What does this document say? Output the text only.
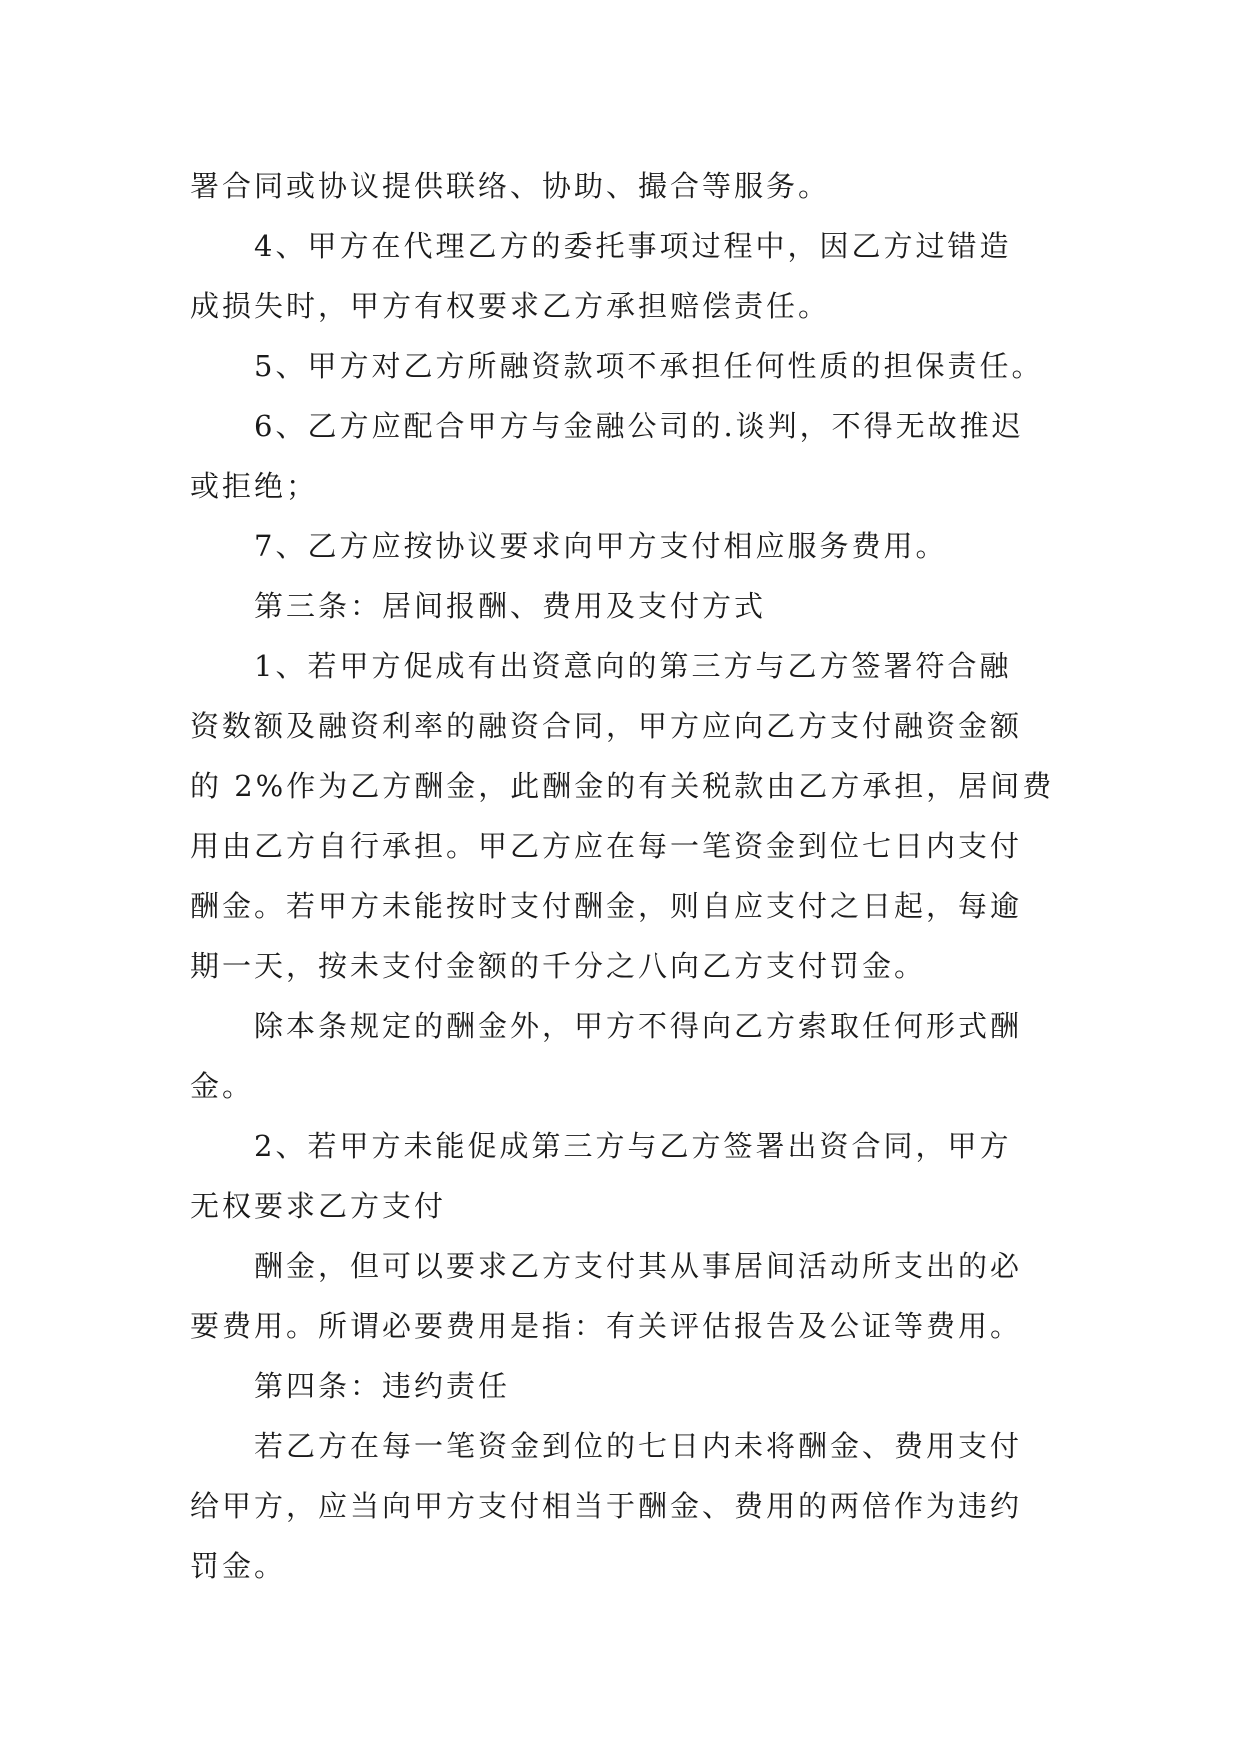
署合同或协议提供联络、协助、撮合等服务。
4、甲方在代理乙方的委托事项过程中，因乙方过错造
成损失时，甲方有权要求乙方承担赔偿责任。
5、甲方对乙方所融资款项不承担任何性质的担保责任。
6、乙方应配合甲方与金融公司的.谈判，不得无故推迟
或拒绝；
7、乙方应按协议要求向甲方支付相应服务费用。
第三条：居间报酬、费用及支付方式
1、若甲方促成有出资意向的第三方与乙方签署符合融
资数额及融资利率的融资合同，甲方应向乙方支付融资金额
的 2%作为乙方酬金，此酬金的有关税款由乙方承担，居间费
用由乙方自行承担。甲乙方应在每一笔资金到位七日内支付
酬金。若甲方未能按时支付酬金，则自应支付之日起，每逾
期一天，按未支付金额的千分之八向乙方支付罚金。
除本条规定的酬金外，甲方不得向乙方索取任何形式酬
金。
2、若甲方未能促成第三方与乙方签署出资合同，甲方
无权要求乙方支付
酬金，但可以要求乙方支付其从事居间活动所支出的必
要费用。所谓必要费用是指：有关评估报告及公证等费用。
第四条：违约责任
若乙方在每一笔资金到位的七日内未将酬金、费用支付
给甲方，应当向甲方支付相当于酬金、费用的两倍作为违约
罚金。
